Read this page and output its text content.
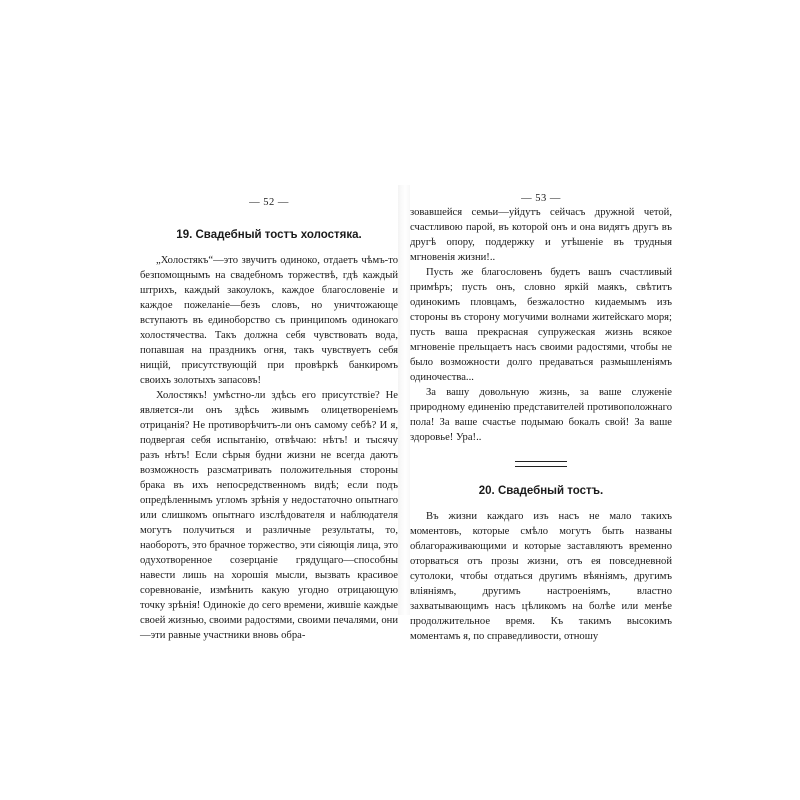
— 52 —
19. Свадебный тостъ холостяка.

„Холостякъ“—это звучитъ одиноко, отдаетъ чѣмъ-то безпомощнымъ на свадебномъ торжествѣ, гдѣ каждый штрихъ, каждый закоулокъ, каждое благословеніе и каждое пожеланіе—безъ словъ, но уничтожающе вступаютъ въ единоборство съ принципомъ одинокаго холостячества. Такъ должна себя чувствовать вода, попавшая на праздникъ огня, такъ чувствуетъ себя нищій, присутствующій при провѣркѣ банкиромъ своихъ золотыхъ запасовъ!

Холостякъ! умѣстно-ли здѣсь его присутствіе? Не является-ли онъ здѣсь живымъ олицетвореніемъ отрицанія? Не противорѣчитъ-ли онъ самому себѣ? И я, подвергая себя испытанію, отвѣчаю: нѣтъ! и тысячу разъ нѣтъ! Если сѣрыя будни жизни не всегда даютъ возможность разсматривать положительныя стороны брака въ ихъ непосредственномъ видѣ; если подъ опредѣленнымъ угломъ зрѣнія у недостаточно опытнаго или слишкомъ опытнаго изслѣдователя и наблюдателя могутъ получиться и различные результаты, то, наоборотъ, это брачное торжество, эти сіяющія лица, это одухотворенное созерцаніе грядущаго—способны навести лишь на хорошія мысли, вызвать красивое соревнованіе, измѣнить какую угодно отрицающую точку зрѣнія! Одинокіе до сего времени, жившіе каждые своей жизнью, своими радостями, своими печалями, они—эти равные участники вновь обра-

— 53 —

зовавшейся семьи—уйдутъ сейчасъ дружной четой, счастливою парой, въ которой онъ и она видятъ другъ въ другѣ опору, поддержку и утѣшеніе въ трудныя мгновенія жизни!..

Пусть же благословенъ будетъ вашъ счастливый примѣръ; пусть онъ, словно яркій маякъ, свѣтитъ одинокимъ пловцамъ, безжалостно кидаемымъ изъ стороны въ сторону могучими волнами житейскаго моря; пусть ваша прекрасная супружеская жизнь всякое мгновеніе прельщаетъ насъ своими радостями, чтобы не было возможности долго предаваться размышленіямъ одиночества...

За вашу довольную жизнь, за ваше служеніе природному единенію представителей противоположнаго пола! За ваше счастье подымаю бокалъ свой! За ваше здоровье! Ура!..

20. Свадебный тостъ.

Въ жизни каждаго изъ насъ не мало такихъ моментовъ, которые смѣло могутъ быть названы облагораживающими и которые заставляютъ временно оторваться отъ прозы жизни, отъ ея повседневной сутолоки, чтобы отдаться другимъ вѣяніямъ, другимъ вліяніямъ, другимъ настроеніямъ, властно захватывающимъ насъ цѣликомъ на болѣе или менѣе продолжительное время. Къ такимъ высокимъ моментамъ я, по справедливости, отношу
